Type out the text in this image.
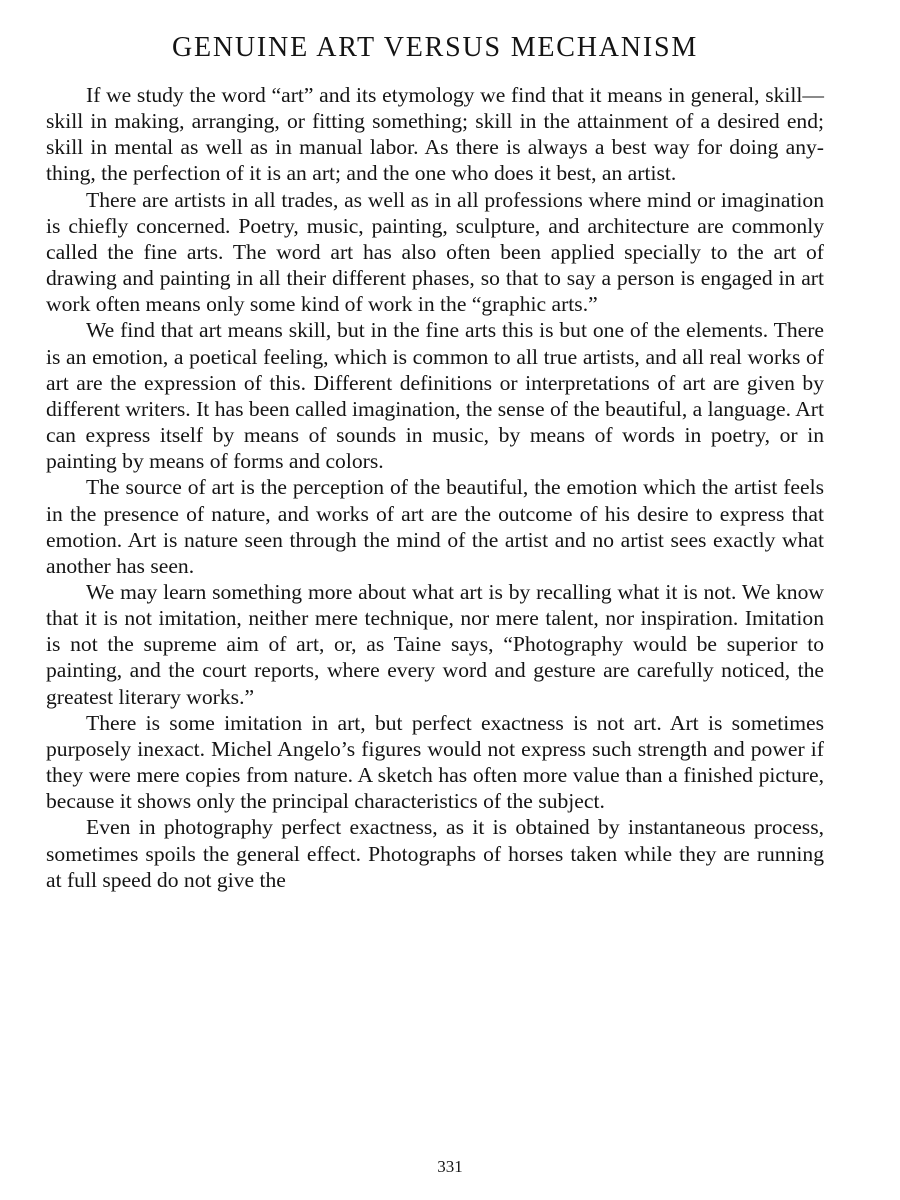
GENUINE ART VERSUS MECHANISM

If we study the word “art” and its etymology we find that it means in general, skill—skill in making, arranging, or fitting something; skill in the attainment of a desired end; skill in mental as well as in manual labor. As there is always a best way for doing anything, the perfection of it is an art; and the one who does it best, an artist.

There are artists in all trades, as well as in all professions where mind or imagination is chiefly concerned. Poetry, music, painting, sculpture, and architecture are commonly called the fine arts. The word art has also often been applied specially to the art of drawing and painting in all their different phases, so that to say a person is engaged in art work often means only some kind of work in the “graphic arts.”

We find that art means skill, but in the fine arts this is but one of the elements. There is an emotion, a poetical feeling, which is common to all true artists, and all real works of art are the expression of this. Different definitions or interpretations of art are given by different writers. It has been called imagination, the sense of the beautiful, a language. Art can express itself by means of sounds in music, by means of words in poetry, or in painting by means of forms and colors.

The source of art is the perception of the beautiful, the emotion which the artist feels in the presence of nature, and works of art are the outcome of his desire to express that emotion. Art is nature seen through the mind of the artist and no artist sees exactly what another has seen.

We may learn something more about what art is by recalling what it is not. We know that it is not imitation, neither mere technique, nor mere talent, nor inspiration. Imitation is not the supreme aim of art, or, as Taine says, “Photography would be superior to painting, and the court reports, where every word and gesture are carefully noticed, the greatest literary works.”

There is some imitation in art, but perfect exactness is not art. Art is sometimes purposely inexact. Michel Angelo’s figures would not express such strength and power if they were mere copies from nature. A sketch has often more value than a finished picture, because it shows only the principal characteristics of the subject.

Even in photography perfect exactness, as it is obtained by instantaneous process, sometimes spoils the general effect. Photographs of horses taken while they are running at full speed do not give the

331
